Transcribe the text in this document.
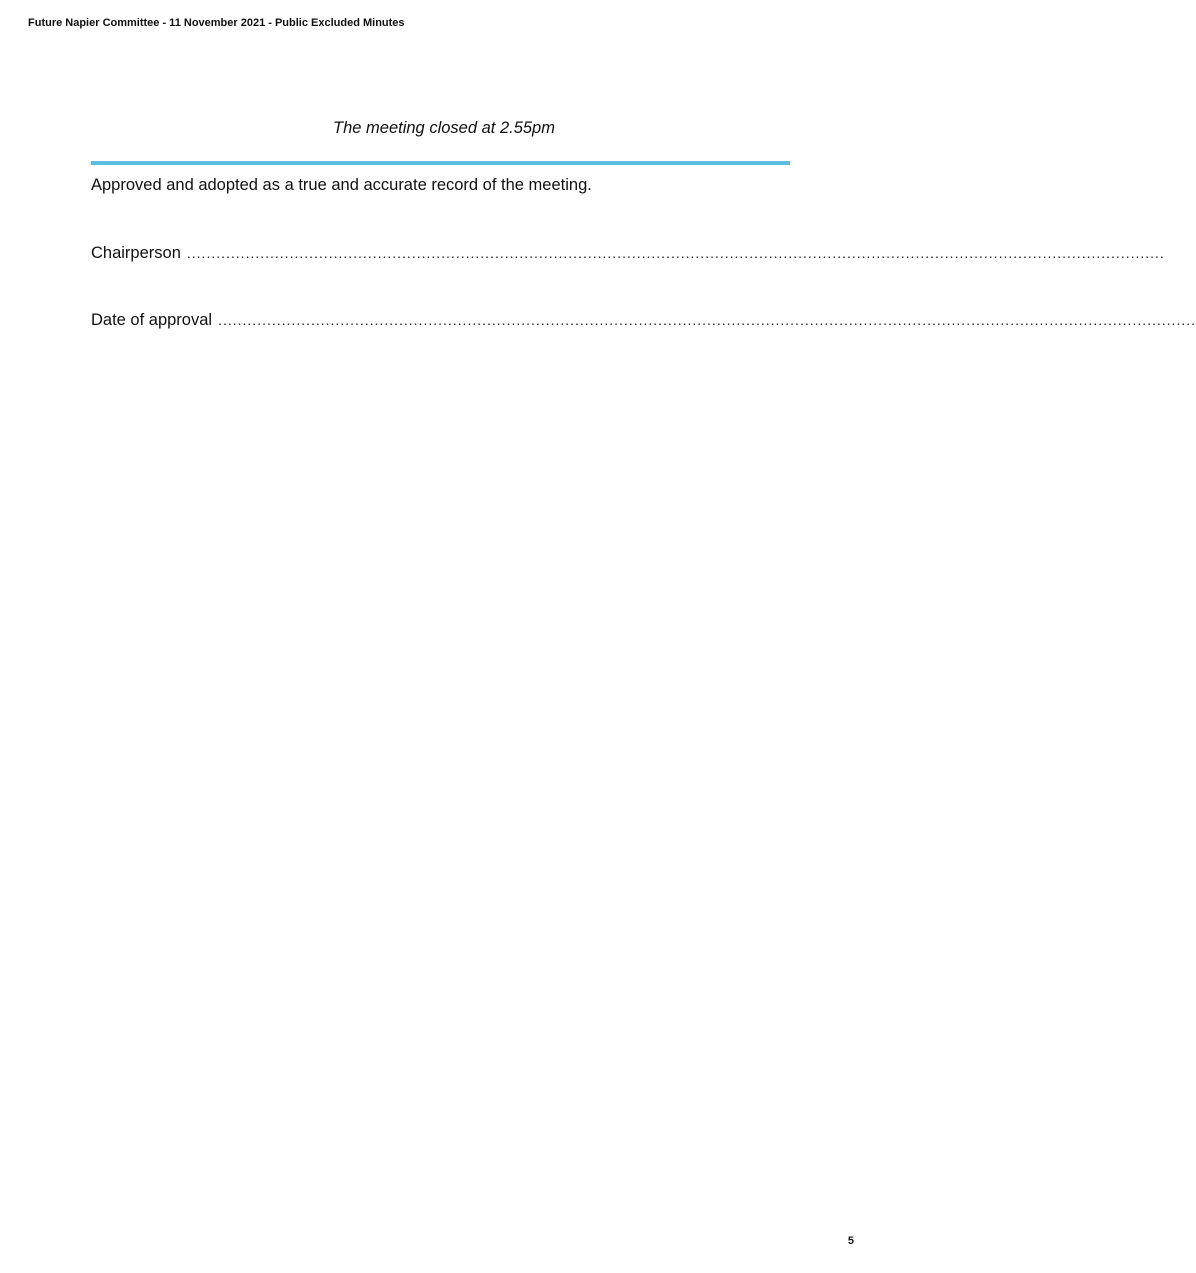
Future Napier Committee - 11 November 2021 - Public Excluded Minutes
The meeting closed at 2.55pm
Approved and adopted as a true and accurate record of the meeting.
Chairperson ........................................................................................................................................................................................................
Date of approval ........................................................................................................................................................................................................
5
